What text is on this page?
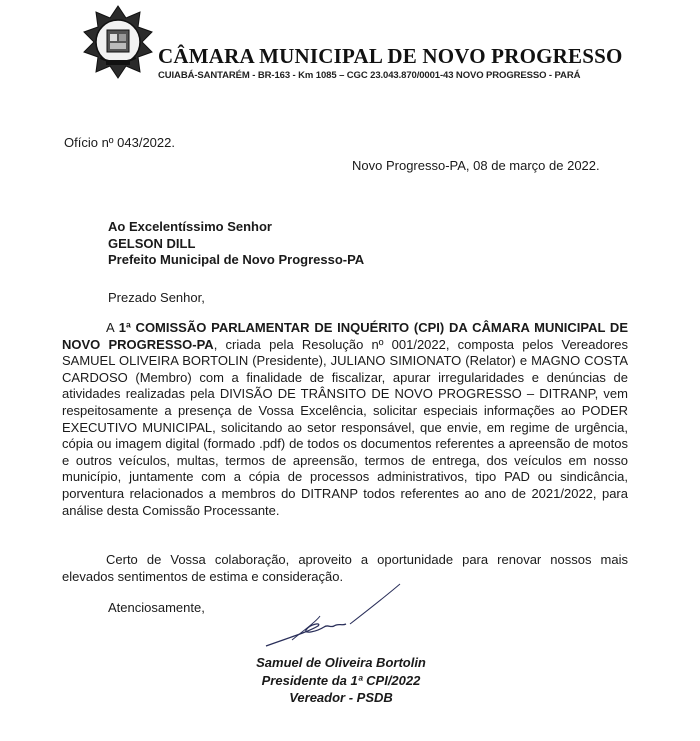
CÂMARA MUNICIPAL DE NOVO PROGRESSO
CUIABÁ-SANTARÉM - BR-163 - Km 1085 – CGC 23.043.870/0001-43 NOVO PROGRESSO - PARÁ
Ofício nº 043/2022.
Novo Progresso-PA, 08 de março de 2022.
Ao Excelentíssimo Senhor
GELSON DILL
Prefeito Municipal de Novo Progresso-PA
Prezado Senhor,

A 1ª COMISSÃO PARLAMENTAR DE INQUÉRITO (CPI) DA CÂMARA MUNICIPAL DE NOVO PROGRESSO-PA, criada pela Resolução nº 001/2022, composta pelos Vereadores SAMUEL OLIVEIRA BORTOLIN (Presidente), JULIANO SIMIONATO (Relator) e MAGNO COSTA CARDOSO (Membro) com a finalidade de fiscalizar, apurar irregularidades e denúncias de atividades realizadas pela DIVISÃO DE TRÂNSITO DE NOVO PROGRESSO – DITRANP, vem respeitosamente a presença de Vossa Excelência, solicitar especiais informações ao PODER EXECUTIVO MUNICIPAL, solicitando ao setor responsável, que envie, em regime de urgência, cópia ou imagem digital (formado .pdf) de todos os documentos referentes a apreensão de motos e outros veículos, multas, termos de apreensão, termos de entrega, dos veículos em nosso município, juntamente com a cópia de processos administrativos, tipo PAD ou sindicância, porventura relacionados a membros do DITRANP todos referentes ao ano de 2021/2022, para análise desta Comissão Processante.

Certo de Vossa colaboração, aproveito a oportunidade para renovar nossos mais elevados sentimentos de estima e consideração.

Atenciosamente,
Samuel de Oliveira Bortolin
Presidente da 1ª CPI/2022
Vereador - PSDB
